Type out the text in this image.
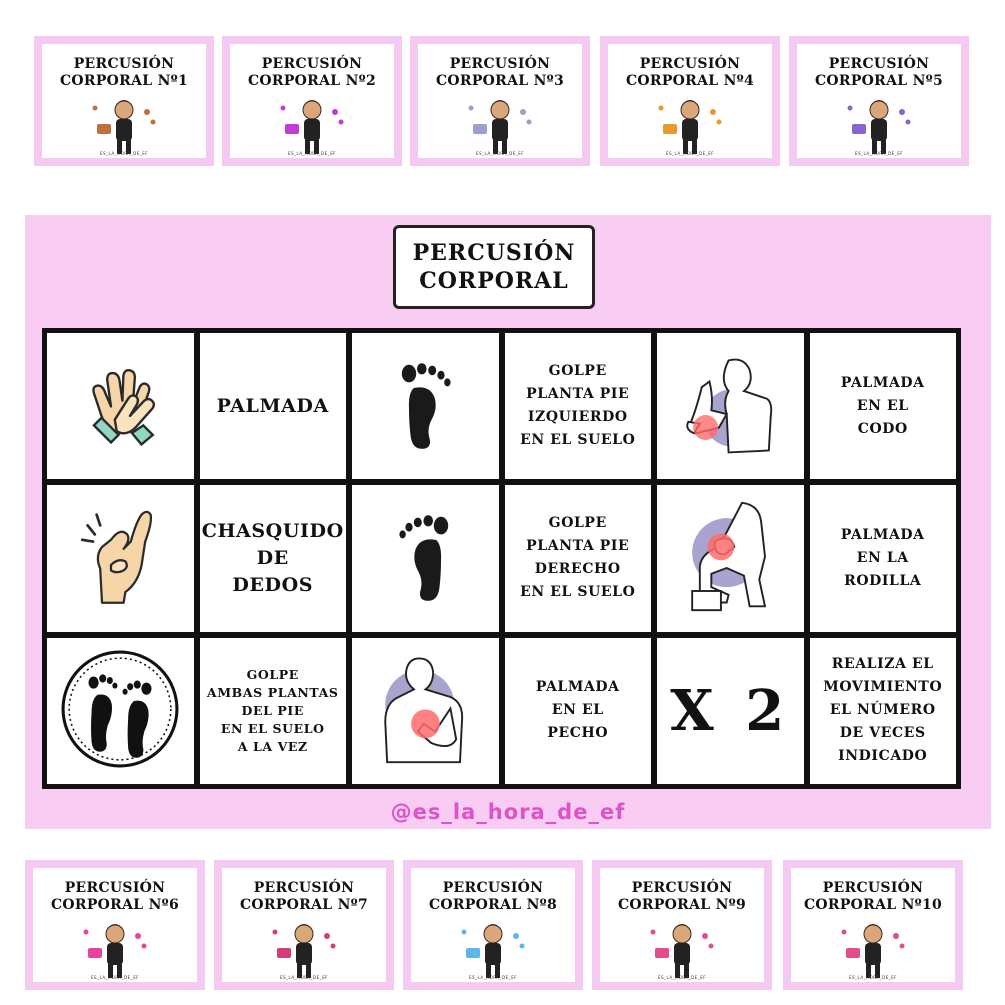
PERCUSIÓN
CORPORAL Nº1
ES_LA_HORA_DE_EF
PERCUSIÓN
CORPORAL Nº2
ES_LA_HORA_DE_EF
PERCUSIÓN
CORPORAL Nº3
ES_LA_HORA_DE_EF
PERCUSIÓN
CORPORAL Nº4
ES_LA_HORA_DE_EF
PERCUSIÓN
CORPORAL Nº5
ES_LA_HORA_DE_EF
PERCUSIÓN
CORPORAL
PALMADA
GOLPE
PLANTA PIE
IZQUIERDO
EN EL SUELO
PALMADA
EN EL
CODO
CHASQUIDO
DE
DEDOS
GOLPE
PLANTA PIE
DERECHO
EN EL SUELO
PALMADA
EN LA
RODILLA
GOLPE
AMBAS PLANTAS
DEL PIE
EN EL SUELO
A LA VEZ
PALMADA
EN EL
PECHO X 2
REALIZA EL
MOVIMIENTO
EL NÚMERO
DE VECES
INDICADO
@es_la_hora_de_ef
PERCUSIÓN
CORPORAL Nº6
ES_LA_HORA_DE_EF
PERCUSIÓN
CORPORAL Nº7
ES_LA_HORA_DE_EF
PERCUSIÓN
CORPORAL Nº8
ES_LA_HORA_DE_EF
PERCUSIÓN
CORPORAL Nº9
ES_LA_HORA_DE_EF
PERCUSIÓN
CORPORAL Nº10
ES_LA_HORA_DE_EF
